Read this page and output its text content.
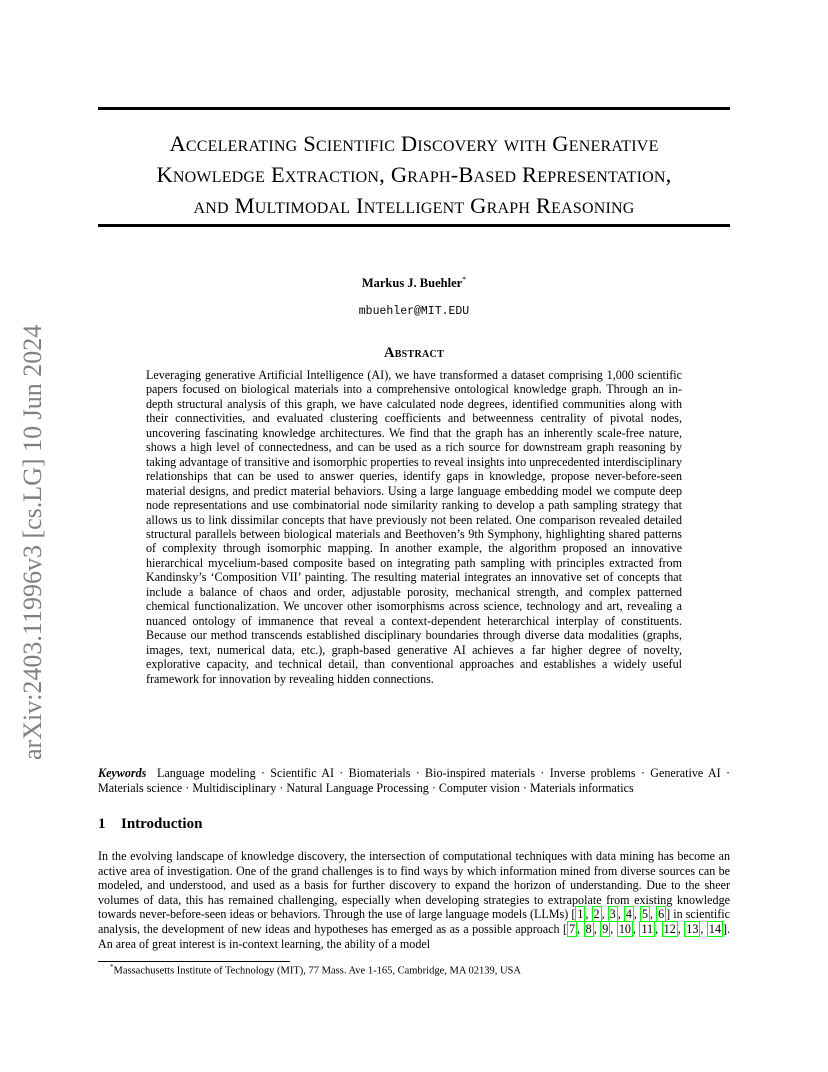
arXiv:2403.11996v3 [cs.LG] 10 Jun 2024
Accelerating Scientific Discovery with Generative
Knowledge Extraction, Graph-Based Representation,
and Multimodal Intelligent Graph Reasoning
Markus J. Buehler*
mbuehler@MIT.EDU
Abstract

Leveraging generative Artificial Intelligence (AI), we have transformed a dataset comprising 1,000 scientific papers focused on biological materials into a comprehensive ontological knowledge graph. Through an in-depth structural analysis of this graph, we have calculated node degrees, identified communities along with their connectivities, and evaluated clustering coefficients and betweenness centrality of pivotal nodes, uncovering fascinating knowledge architectures. We find that the graph has an inherently scale-free nature, shows a high level of connectedness, and can be used as a rich source for downstream graph reasoning by taking advantage of transitive and isomorphic properties to reveal insights into unprecedented interdisciplinary relationships that can be used to answer queries, identify gaps in knowledge, propose never-before-seen material designs, and predict material behaviors. Using a large language embedding model we compute deep node representations and use combinatorial node similarity ranking to develop a path sampling strategy that allows us to link dissimilar concepts that have previously not been related. One comparison revealed detailed structural parallels between biological materials and Beethoven’s 9th Symphony, highlighting shared patterns of complexity through isomorphic mapping. In another example, the algorithm proposed an innovative hierarchical mycelium-based composite based on integrating path sampling with principles extracted from Kandinsky’s ‘Composition VII’ painting. The resulting material integrates an innovative set of concepts that include a balance of chaos and order, adjustable porosity, mechanical strength, and complex patterned chemical functionalization. We uncover other isomorphisms across science, technology and art, revealing a nuanced ontology of immanence that reveal a context-dependent heterarchical interplay of constituents. Because our method transcends established disciplinary boundaries through diverse data modalities (graphs, images, text, numerical data, etc.), graph-based generative AI achieves a far higher degree of novelty, explorative capacity, and technical detail, than conventional approaches and establishes a widely useful framework for innovation by revealing hidden connections.

Keywords Language modeling · Scientific AI · Biomaterials · Bio-inspired materials · Inverse problems · Generative AI · Materials science · Multidisciplinary · Natural Language Processing · Computer vision · Materials informatics

1 Introduction

In the evolving landscape of knowledge discovery, the intersection of computational techniques with data mining has become an active area of investigation. One of the grand challenges is to find ways by which information mined from diverse sources can be modeled, and understood, and used as a basis for further discovery to expand the horizon of understanding. Due to the sheer volumes of data, this has remained challenging, especially when developing strategies to extrapolate from existing knowledge towards never-before-seen ideas or behaviors. Through the use of large language models (LLMs) [ 1 , 2 , 3 , 4 , 5 , 6 ] in scientific analysis, the development of new ideas and hypotheses has emerged as as a possible approach [ 7 , 8 , 9 , 10 , 11 , 12 , 13 , 14 ]. An area of great interest is in-context learning, the ability of a model

*Massachusetts Institute of Technology (MIT), 77 Mass. Ave 1-165, Cambridge, MA 02139, USA
